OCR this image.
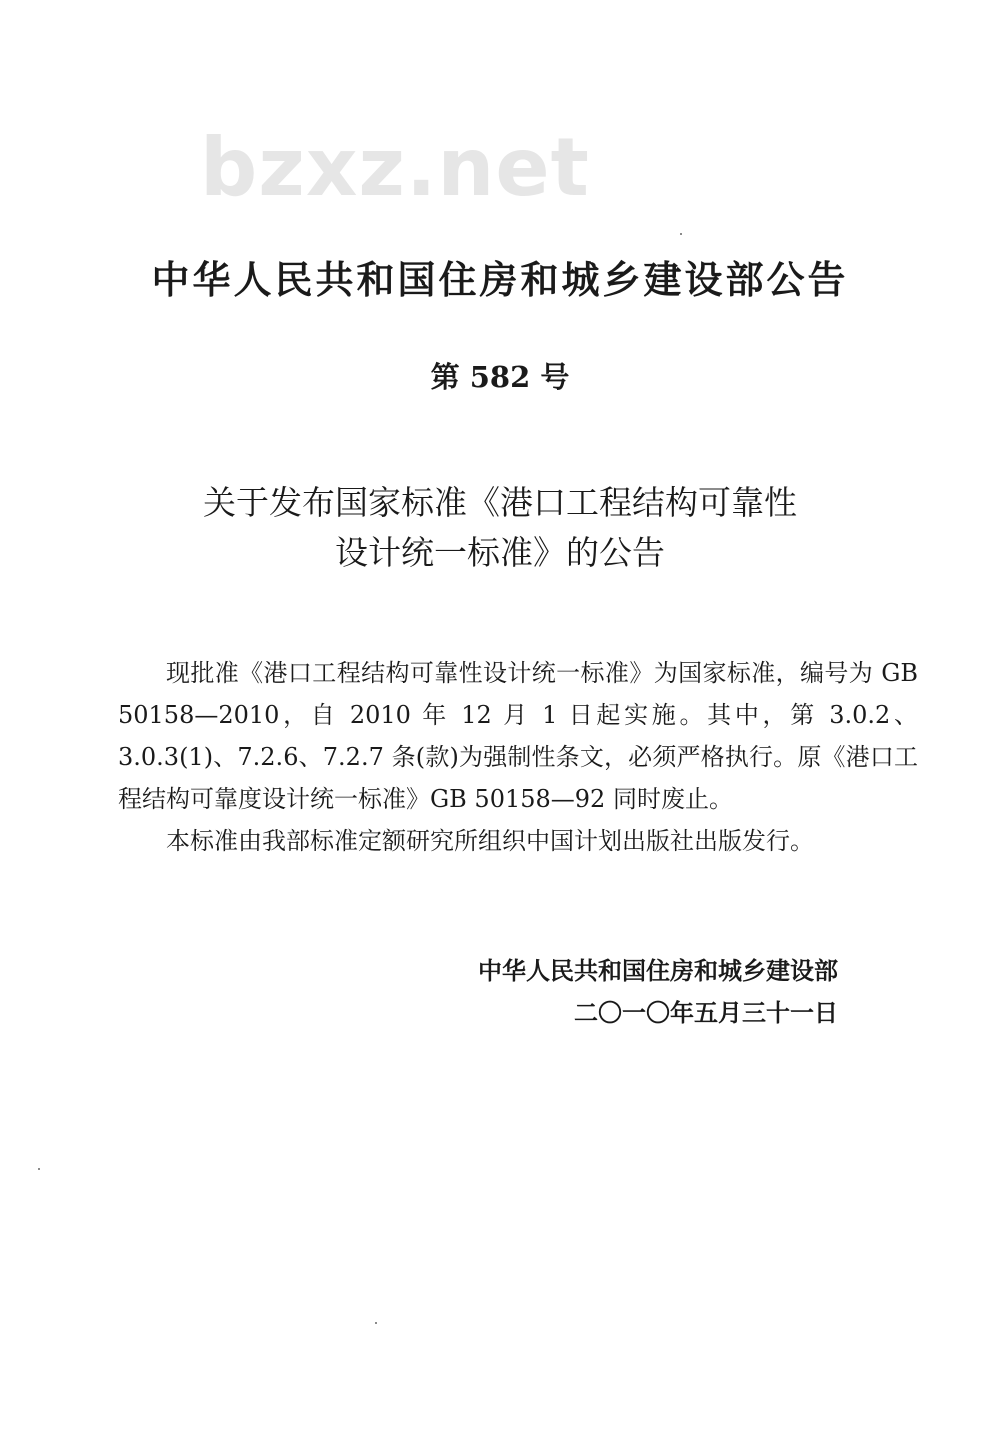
bzxz.net
中华人民共和国住房和城乡建设部公告
第 582 号
关于发布国家标准《港口工程结构可靠性
设计统一标准》的公告

现批准《港口工程结构可靠性设计统一标准》为国家标准，编号为 GB 50158—2010，自 2010 年 12 月 1 日起实施。其中，第 3.0.2、3.0.3(1)、7.2.6、7.2.7 条(款)为强制性条文，必须严格执行。原《港口工程结构可靠度设计统一标准》GB 50158—92 同时废止。

本标准由我部标准定额研究所组织中国计划出版社出版发行。

中华人民共和国住房和城乡建设部
二〇一〇年五月三十一日
